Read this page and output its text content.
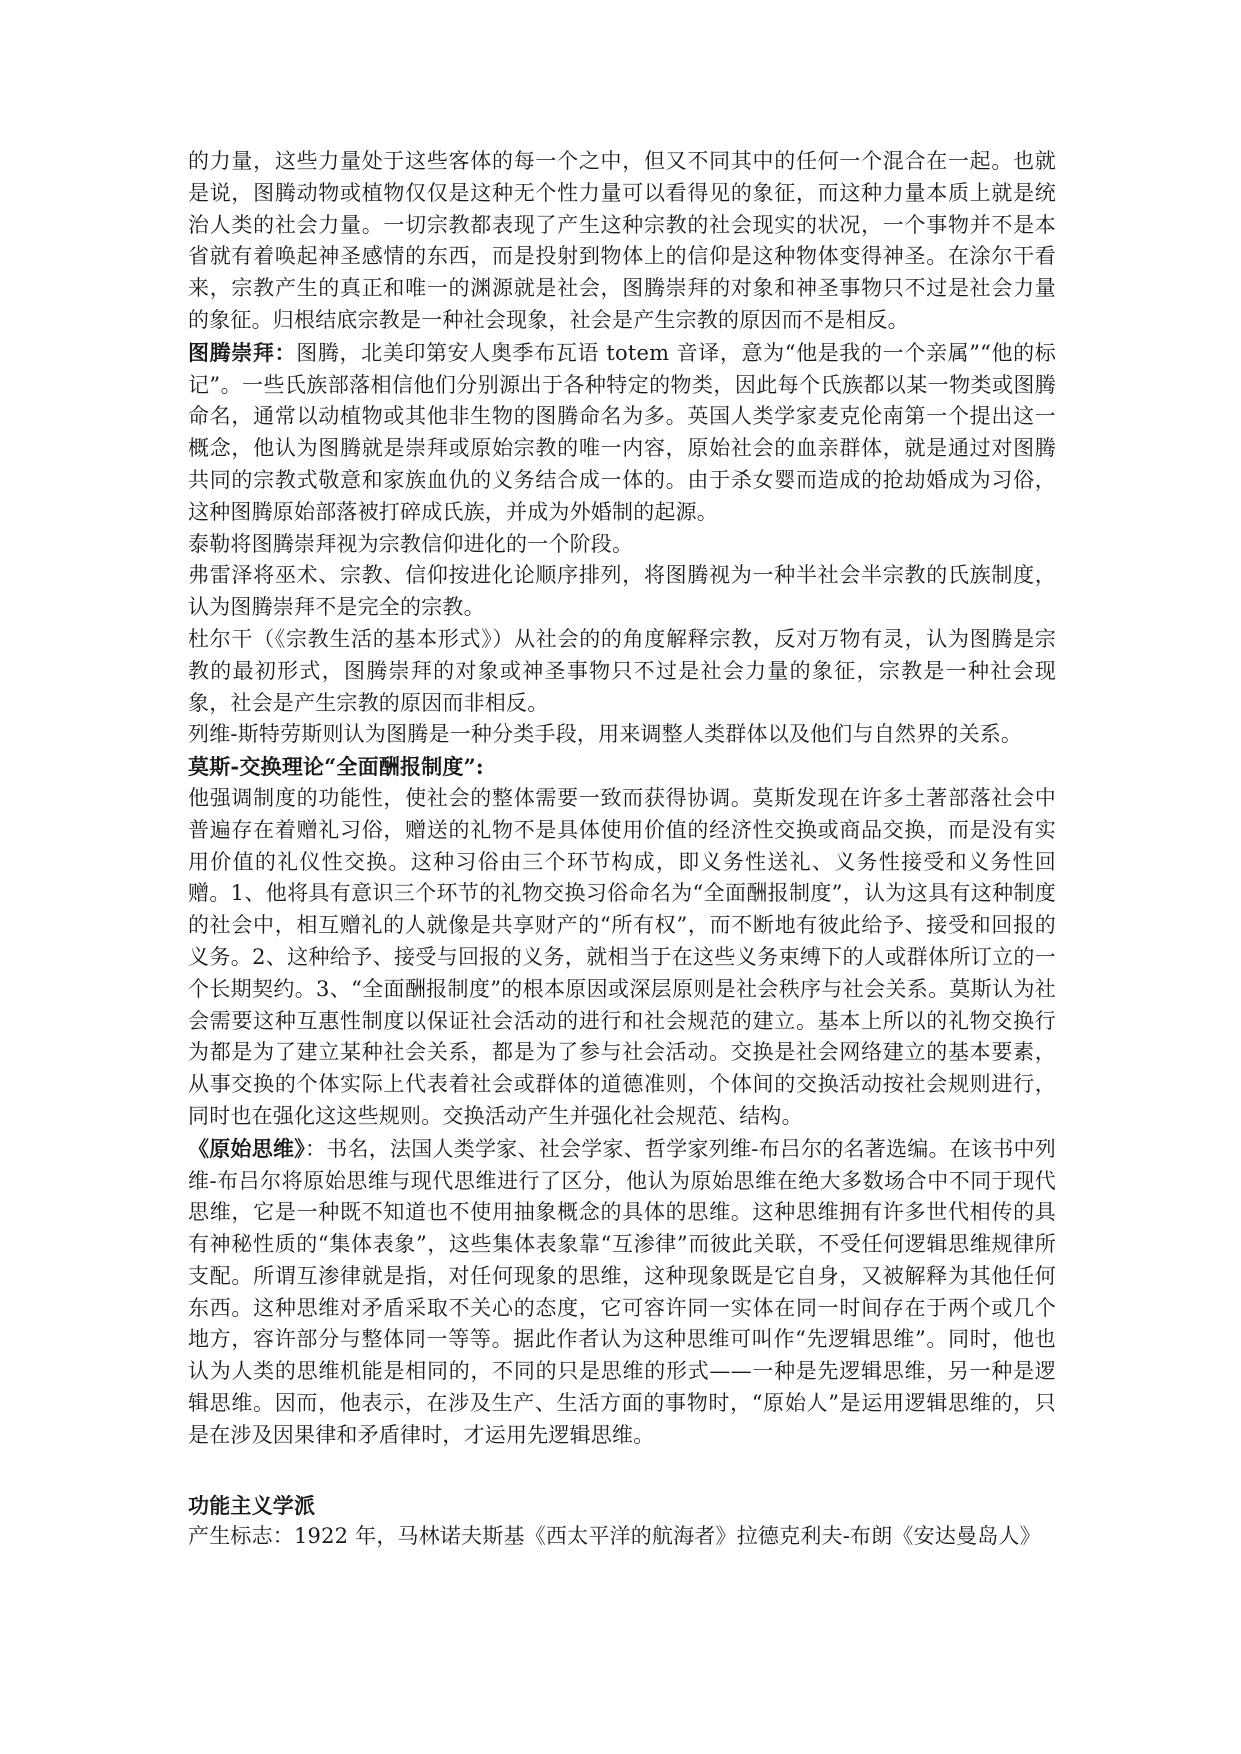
的力量，这些力量处于这些客体的每一个之中，但又不同其中的任何一个混合在一起。也就是说，图腾动物或植物仅仅是这种无个性力量可以看得见的象征，而这种力量本质上就是统治人类的社会力量。一切宗教都表现了产生这种宗教的社会现实的状况，一个事物并不是本省就有着唤起神圣感情的东西，而是投射到物体上的信仰是这种物体变得神圣。在涂尔干看来，宗教产生的真正和唯一的渊源就是社会，图腾崇拜的对象和神圣事物只不过是社会力量的象征。归根结底宗教是一种社会现象，社会是产生宗教的原因而不是相反。

图腾崇拜：图腾，北美印第安人奥季布瓦语 totem 音译，意为“他是我的一个亲属”“他的标记”。一些氏族部落相信他们分别源出于各种特定的物类，因此每个氏族都以某一物类或图腾命名，通常以动植物或其他非生物的图腾命名为多。英国人类学家麦克伦南第一个提出这一概念，他认为图腾就是崇拜或原始宗教的唯一内容，原始社会的血亲群体，就是通过对图腾共同的宗教式敬意和家族血仇的义务结合成一体的。由于杀女婴而造成的抢劫婚成为习俗，这种图腾原始部落被打碎成氏族，并成为外婚制的起源。

泰勒将图腾崇拜视为宗教信仰进化的一个阶段。

弗雷泽将巫术、宗教、信仰按进化论顺序排列，将图腾视为一种半社会半宗教的氏族制度，认为图腾崇拜不是完全的宗教。

杜尔干（《宗教生活的基本形式》）从社会的的角度解释宗教，反对万物有灵，认为图腾是宗教的最初形式，图腾崇拜的对象或神圣事物只不过是社会力量的象征，宗教是一种社会现象，社会是产生宗教的原因而非相反。

列维-斯特劳斯则认为图腾是一种分类手段，用来调整人类群体以及他们与自然界的关系。

莫斯-交换理论“全面酬报制度”:

他强调制度的功能性，使社会的整体需要一致而获得协调。莫斯发现在许多土著部落社会中普遍存在着赠礼习俗，赠送的礼物不是具体使用价值的经济性交换或商品交换，而是没有实用价值的礼仪性交换。这种习俗由三个环节构成，即义务性送礼、义务性接受和义务性回赠。1、他将具有意识三个环节的礼物交换习俗命名为“全面酬报制度”，认为这具有这种制度的社会中，相互赠礼的人就像是共享财产的“所有权”，而不断地有彼此给予、接受和回报的义务。2、这种给予、接受与回报的义务，就相当于在这些义务束缚下的人或群体所订立的一个长期契约。3、“全面酬报制度”的根本原因或深层原则是社会秩序与社会关系。莫斯认为社会需要这种互惠性制度以保证社会活动的进行和社会规范的建立。基本上所以的礼物交换行为都是为了建立某种社会关系，都是为了参与社会活动。交换是社会网络建立的基本要素，从事交换的个体实际上代表着社会或群体的道德准则，个体间的交换活动按社会规则进行，同时也在强化这这些规则。交换活动产生并强化社会规范、结构。

《原始思维》：书名，法国人类学家、社会学家、哲学家列维-布吕尔的名著选编。在该书中列维-布吕尔将原始思维与现代思维进行了区分，他认为原始思维在绝大多数场合中不同于现代思维，它是一种既不知道也不使用抽象概念的具体的思维。这种思维拥有许多世代相传的具有神秘性质的“集体表象”，这些集体表象靠“互渗律”而彼此关联，不受任何逻辑思维规律所支配。所谓互渗律就是指，对任何现象的思维，这种现象既是它自身，又被解释为其他任何东西。这种思维对矛盾采取不关心的态度，它可容许同一实体在同一时间存在于两个或几个地方，容许部分与整体同一等等。据此作者认为这种思维可叫作“先逻辑思维”。同时，他也认为人类的思维机能是相同的，不同的只是思维的形式——一种是先逻辑思维，另一种是逻辑思维。因而，他表示，在涉及生产、生活方面的事物时，“原始人”是运用逻辑思维的，只是在涉及因果律和矛盾律时，才运用先逻辑思维。

功能主义学派

产生标志：1922 年，马林诺夫斯基《西太平洋的航海者》拉德克利夫-布朗《安达曼岛人》
